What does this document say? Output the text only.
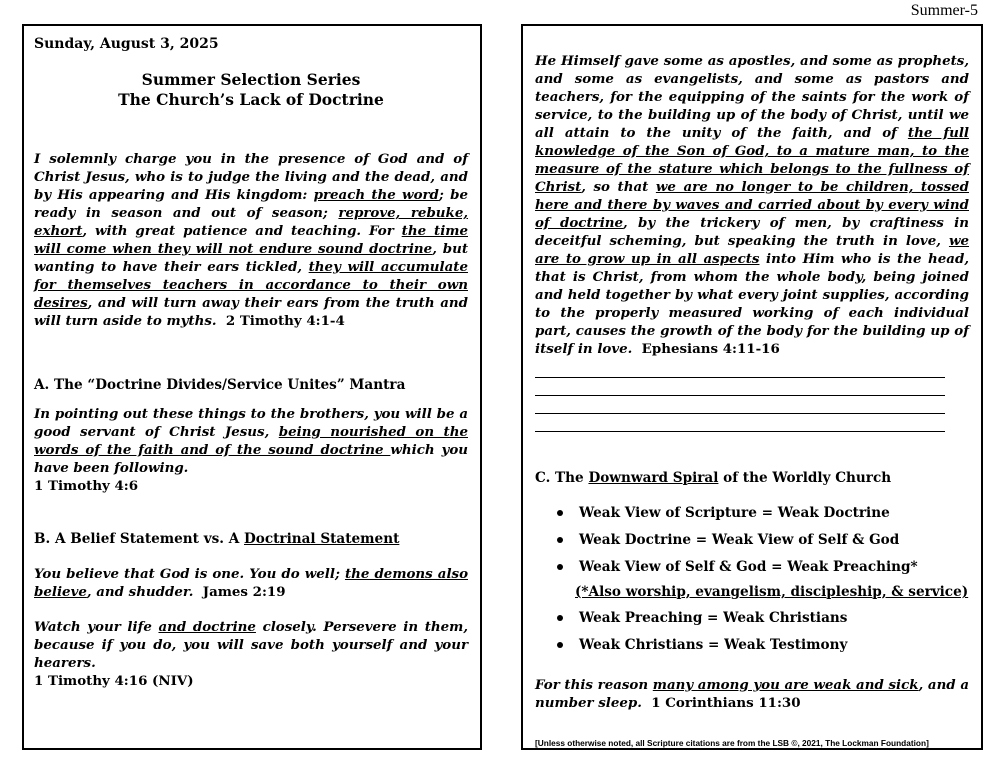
Summer-5

Sunday, August 3, 2025

Summer Selection Series

The Church’s Lack of Doctrine

I solemnly charge you in the presence of God and of Christ Jesus, who is to judge the living and the dead, and by His appearing and His kingdom: preach the word; be ready in season and out of season; reprove, rebuke, exhort, with great patience and teaching. For the time will come when they will not endure sound doctrine, but wanting to have their ears tickled, they will accumulate for themselves teachers in accordance to their own desires, and will turn away their ears from the truth and will turn aside to myths. 2 Timothy 4:1-4

A. The “Doctrine Divides/Service Unites” Mantra

In pointing out these things to the brothers, you will be a good servant of Christ Jesus, being nourished on the words of the faith and of the sound doctrine which you have been following.

1 Timothy 4:6

B. A Belief Statement vs. A Doctrinal Statement

You believe that God is one. You do well; the demons also believe, and shudder. James 2:19

Watch your life and doctrine closely. Persevere in them, because if you do, you will save both yourself and your hearers.

1 Timothy 4:16 (NIV)

He Himself gave some as apostles, and some as prophets, and some as evangelists, and some as pastors and teachers, for the equipping of the saints for the work of service, to the building up of the body of Christ, until we all attain to the unity of the faith, and of the full knowledge of the Son of God, to a mature man, to the measure of the stature which belongs to the fullness of Christ, so that we are no longer to be children, tossed here and there by waves and carried about by every wind of doctrine, by the trickery of men, by craftiness in deceitful scheming, but speaking the truth in love, we are to grow up in all aspects into Him who is the head, that is Christ, from whom the whole body, being joined and held together by what every joint supplies, according to the properly measured working of each individual part, causes the growth of the body for the building up of itself in love. Ephesians 4:11-16

C. The Downward Spiral of the Worldly Church

Weak View of Scripture = Weak Doctrine
Weak Doctrine = Weak View of Self & God
Weak View of Self & God = Weak Preaching*

(*Also worship, evangelism, discipleship, & service)

Weak Preaching = Weak Christians
Weak Christians = Weak Testimony

For this reason many among you are weak and sick, and a number sleep. 1 Corinthians 11:30

[Unless otherwise noted, all Scripture citations are from the LSB ©, 2021, The Lockman Foundation]
